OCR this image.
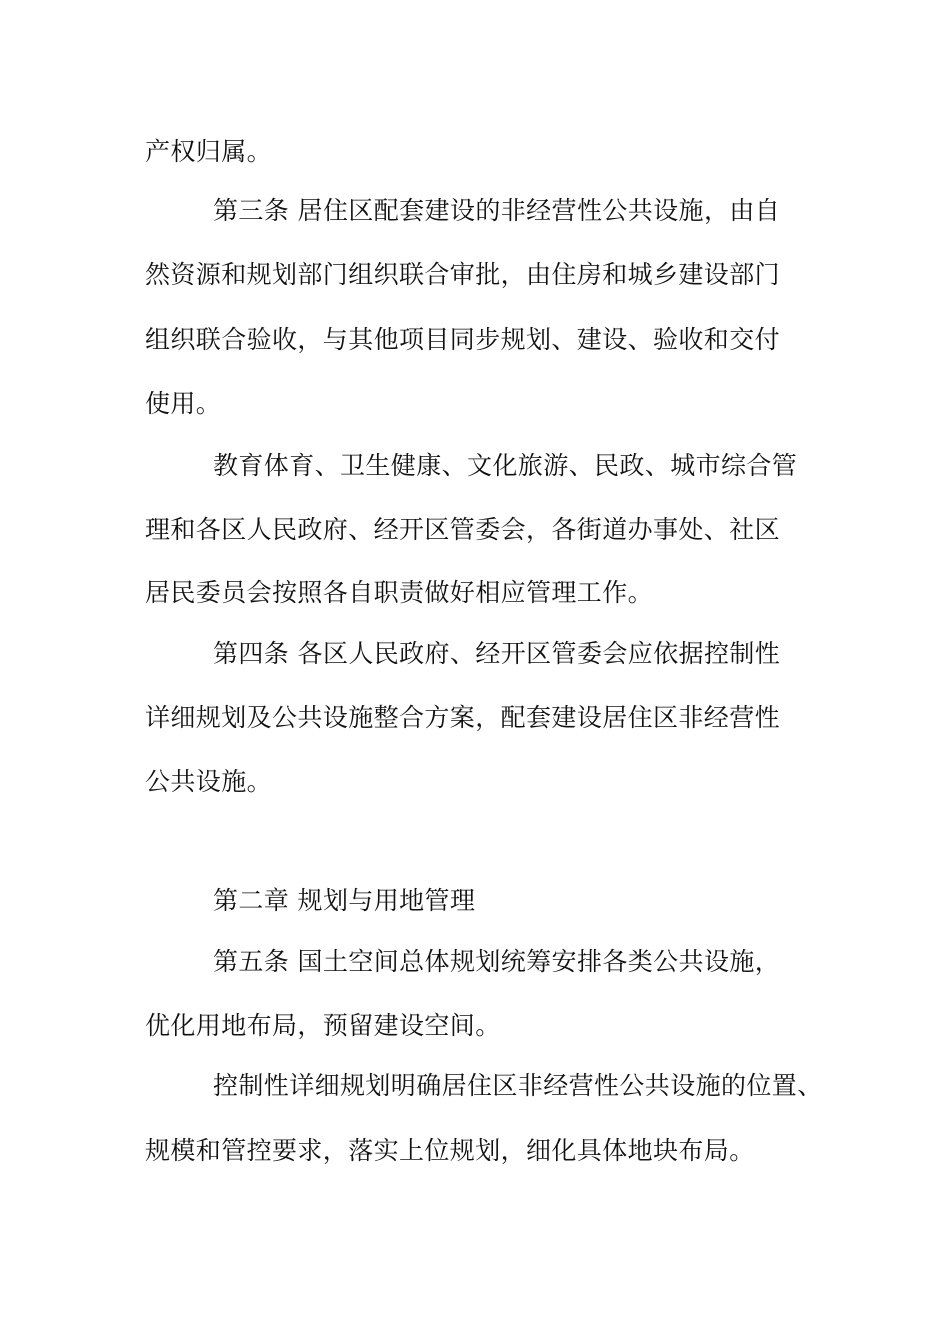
产权归属。
第三条 居住区配套建设的非经营性公共设施，由自
然资源和规划部门组织联合审批，由住房和城乡建设部门
组织联合验收，与其他项目同步规划、建设、验收和交付
使用。
教育体育、卫生健康、文化旅游、民政、城市综合管
理和各区人民政府、经开区管委会，各街道办事处、社区
居民委员会按照各自职责做好相应管理工作。
第四条 各区人民政府、经开区管委会应依据控制性
详细规划及公共设施整合方案，配套建设居住区非经营性
公共设施。
第二章 规划与用地管理
第五条 国土空间总体规划统筹安排各类公共设施，
优化用地布局，预留建设空间。
控制性详细规划明确居住区非经营性公共设施的位置、
规模和管控要求，落实上位规划，细化具体地块布局。
